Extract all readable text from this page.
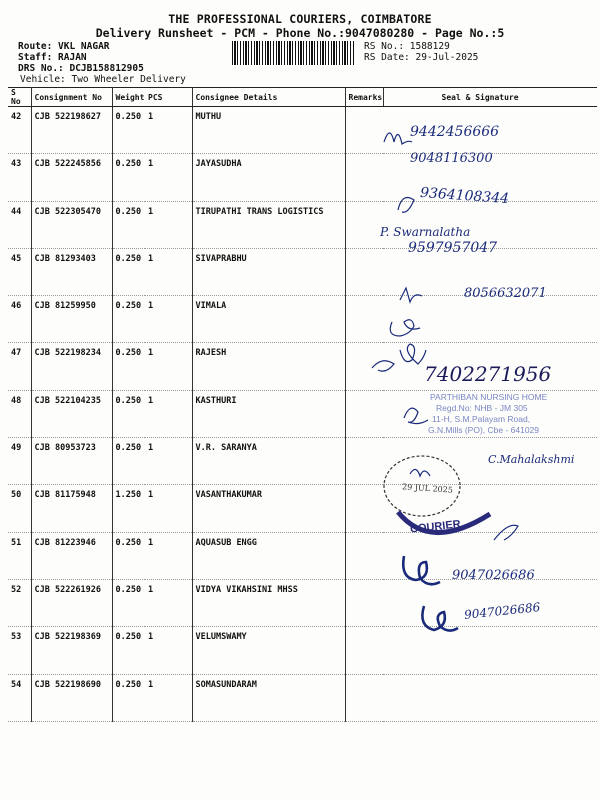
THE PROFESSIONAL COURIERS, COIMBATORE
Delivery Runsheet - PCM - Phone No.:9047080280 - Page No.:5
Route: VKL NAGAR
Staff: RAJAN
DRS No.: DCJB158812905
Vehicle: Two Wheeler Delivery
RS No.: 1588129
RS Date: 29-Jul-2025
S No	Consignment No	Weight	PCS	Consignee Details	Remarks	Seal & Signature
42	CJB 522198627	0.250	1	MUTHU		
43	CJB 522245856	0.250	1	JAYASUDHA		
44	CJB 522305470	0.250	1	TIRUPATHI TRANS LOGISTICS		
45	CJB 81293403	0.250	1	SIVAPRABHU		
46	CJB 81259950	0.250	1	VIMALA		
47	CJB 522198234	0.250	1	RAJESH		
48	CJB 522104235	0.250	1	KASTHURI		
49	CJB 80953723	0.250	1	V.R. SARANYA		
50	CJB 81175948	1.250	1	VASANTHAKUMAR		
51	CJB 81223946	0.250	1	AQUASUB ENGG		
52	CJB 522261926	0.250	1	VIDYA VIKAHSINI MHSS		
53	CJB 522198369	0.250	1	VELUMSWAMY		
54	CJB 522198690	0.250	1	SOMASUNDARAM		
9442456666
9048116300
9364108344
P. Swarnalatha
9597957047
8056632071
7402271956
C.Mahalakshmi
9047026686
9047026686
PARTHIBAN NURSING HOME
Regd.No: NHB - JM 305
11-H, S.M.Palayam Road,
G.N.Mills (PO), Cbe - 641029
29 JUL 2025
COURIER
